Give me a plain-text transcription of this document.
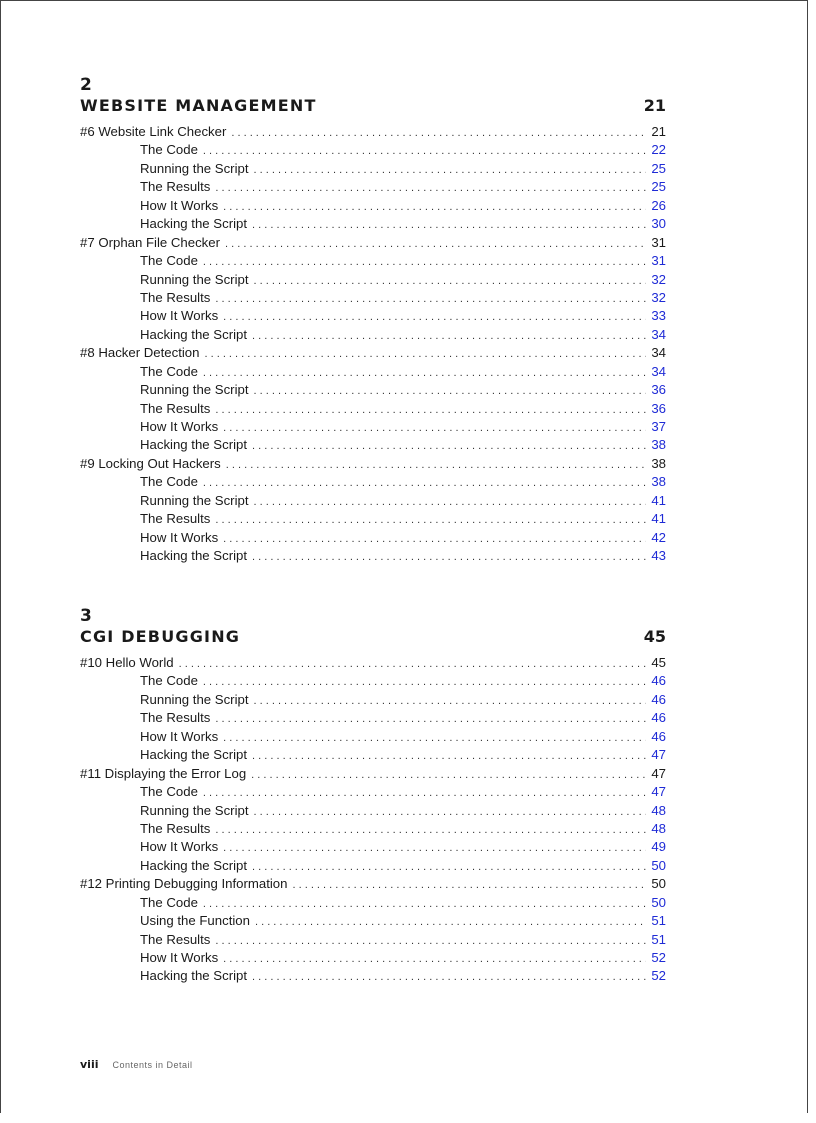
2
WEBSITE MANAGEMENT	21
#6 Website Link Checker . . .	21
The Code . . .	22
Running the Script . . .	25
The Results . . .	25
How It Works . . .	26
Hacking the Script . . .	30
#7 Orphan File Checker . . .	31
The Code . . .	31
Running the Script . . .	32
The Results . . .	32
How It Works . . .	33
Hacking the Script . . .	34
#8 Hacker Detection . . .	34
The Code . . .	34
Running the Script . . .	36
The Results . . .	36
How It Works . . .	37
Hacking the Script . . .	38
#9 Locking Out Hackers . . .	38
The Code . . .	38
Running the Script . . .	41
The Results . . .	41
How It Works . . .	42
Hacking the Script . . .	43
3
CGI DEBUGGING	45
#10 Hello World . . .	45
The Code . . .	46
Running the Script . . .	46
The Results . . .	46
How It Works . . .	46
Hacking the Script . . .	47
#11 Displaying the Error Log . . .	47
The Code . . .	47
Running the Script . . .	48
The Results . . .	48
How It Works . . .	49
Hacking the Script . . .	50
#12 Printing Debugging Information . . .	50
The Code . . .	50
Using the Function . . .	51
The Results . . .	51
How It Works . . .	52
Hacking the Script . . .	52
viii Contents in Detail
